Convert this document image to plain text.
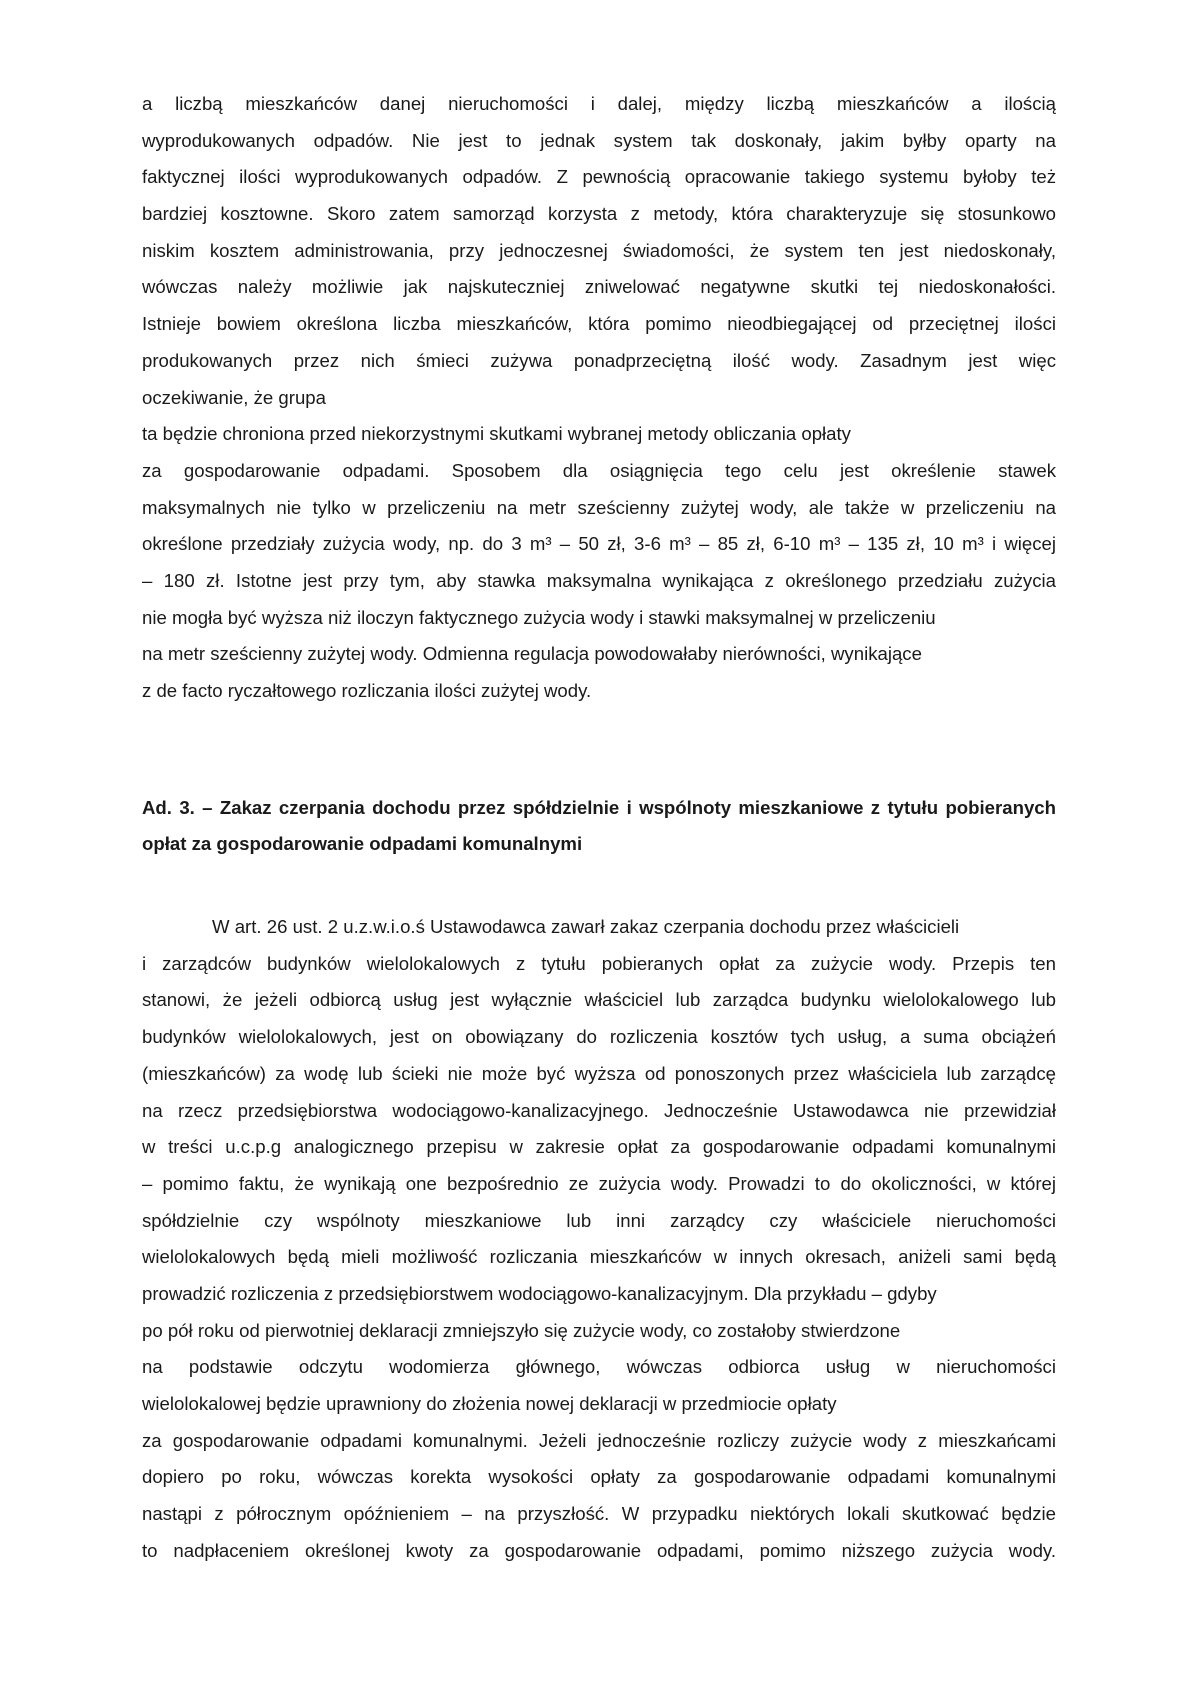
a liczbą mieszkańców danej nieruchomości i dalej, między liczbą mieszkańców a ilością
wyprodukowanych odpadów. Nie jest to jednak system tak doskonały, jakim byłby oparty na
faktycznej ilości wyprodukowanych odpadów. Z pewnością opracowanie takiego systemu byłoby też
bardziej kosztowne. Skoro zatem samorząd korzysta z metody, która charakteryzuje się stosunkowo
niskim kosztem administrowania, przy jednoczesnej świadomości, że system ten jest niedoskonały,
wówczas należy możliwie jak najskuteczniej zniwelować negatywne skutki tej niedoskonałości.
Istnieje bowiem określona liczba mieszkańców, która pomimo nieodbiegającej od przeciętnej ilości
produkowanych przez nich śmieci zużywa ponadprzeciętną ilość wody. Zasadnym jest więc
oczekiwanie, że grupa
ta będzie chroniona przed niekorzystnymi skutkami wybranej metody obliczania opłaty
za gospodarowanie odpadami. Sposobem dla osiągnięcia tego celu jest określenie stawek
maksymalnych nie tylko w przeliczeniu na metr sześcienny zużytej wody, ale także w przeliczeniu na
określone przedziały zużycia wody, np. do 3 m³ – 50 zł, 3-6 m³ – 85 zł, 6-10 m³ – 135 zł, 10 m³ i więcej
– 180 zł. Istotne jest przy tym, aby stawka maksymalna wynikająca z określonego przedziału zużycia
nie mogła być wyższa niż iloczyn faktycznego zużycia wody i stawki maksymalnej w przeliczeniu
na metr sześcienny zużytej wody. Odmienna regulacja powodowałaby nierówności, wynikające
z de facto ryczałtowego rozliczania ilości zużytej wody.
Ad. 3. – Zakaz czerpania dochodu przez spółdzielnie i wspólnoty mieszkaniowe z tytułu pobieranych
opłat za gospodarowanie odpadami komunalnymi
W art. 26 ust. 2 u.z.w.i.o.ś Ustawodawca zawarł zakaz czerpania dochodu przez właścicieli
i zarządców budynków wielolokalowych z tytułu pobieranych opłat za zużycie wody. Przepis ten
stanowi, że jeżeli odbiorcą usług jest wyłącznie właściciel lub zarządca budynku wielolokalowego lub
budynków wielolokalowych, jest on obowiązany do rozliczenia kosztów tych usług, a suma obciążeń
(mieszkańców) za wodę lub ścieki nie może być wyższa od ponoszonych przez właściciela lub zarządcę
na rzecz przedsiębiorstwa wodociągowo-kanalizacyjnego. Jednocześnie Ustawodawca nie przewidział
w treści u.c.p.g analogicznego przepisu w zakresie opłat za gospodarowanie odpadami komunalnymi
– pomimo faktu, że wynikają one bezpośrednio ze zużycia wody. Prowadzi to do okoliczności, w której
spółdzielnie czy wspólnoty mieszkaniowe lub inni zarządcy czy właściciele nieruchomości
wielolokalowych będą mieli możliwość rozliczania mieszkańców w innych okresach, aniżeli sami będą
prowadzić rozliczenia z przedsiębiorstwem wodociągowo-kanalizacyjnym. Dla przykładu – gdyby
po pół roku od pierwotniej deklaracji zmniejszyło się zużycie wody, co zostałoby stwierdzone
na podstawie odczytu wodomierza głównego, wówczas odbiorca usług w nieruchomości
wielolokalowej będzie uprawniony do złożenia nowej deklaracji w przedmiocie opłaty
za gospodarowanie odpadami komunalnymi. Jeżeli jednocześnie rozliczy zużycie wody z mieszkańcami
dopiero po roku, wówczas korekta wysokości opłaty za gospodarowanie odpadami komunalnymi
nastąpi z półrocznym opóźnieniem – na przyszłość. W przypadku niektórych lokali skutkować będzie
to nadpłaceniem określonej kwoty za gospodarowanie odpadami, pomimo niższego zużycia wody.
